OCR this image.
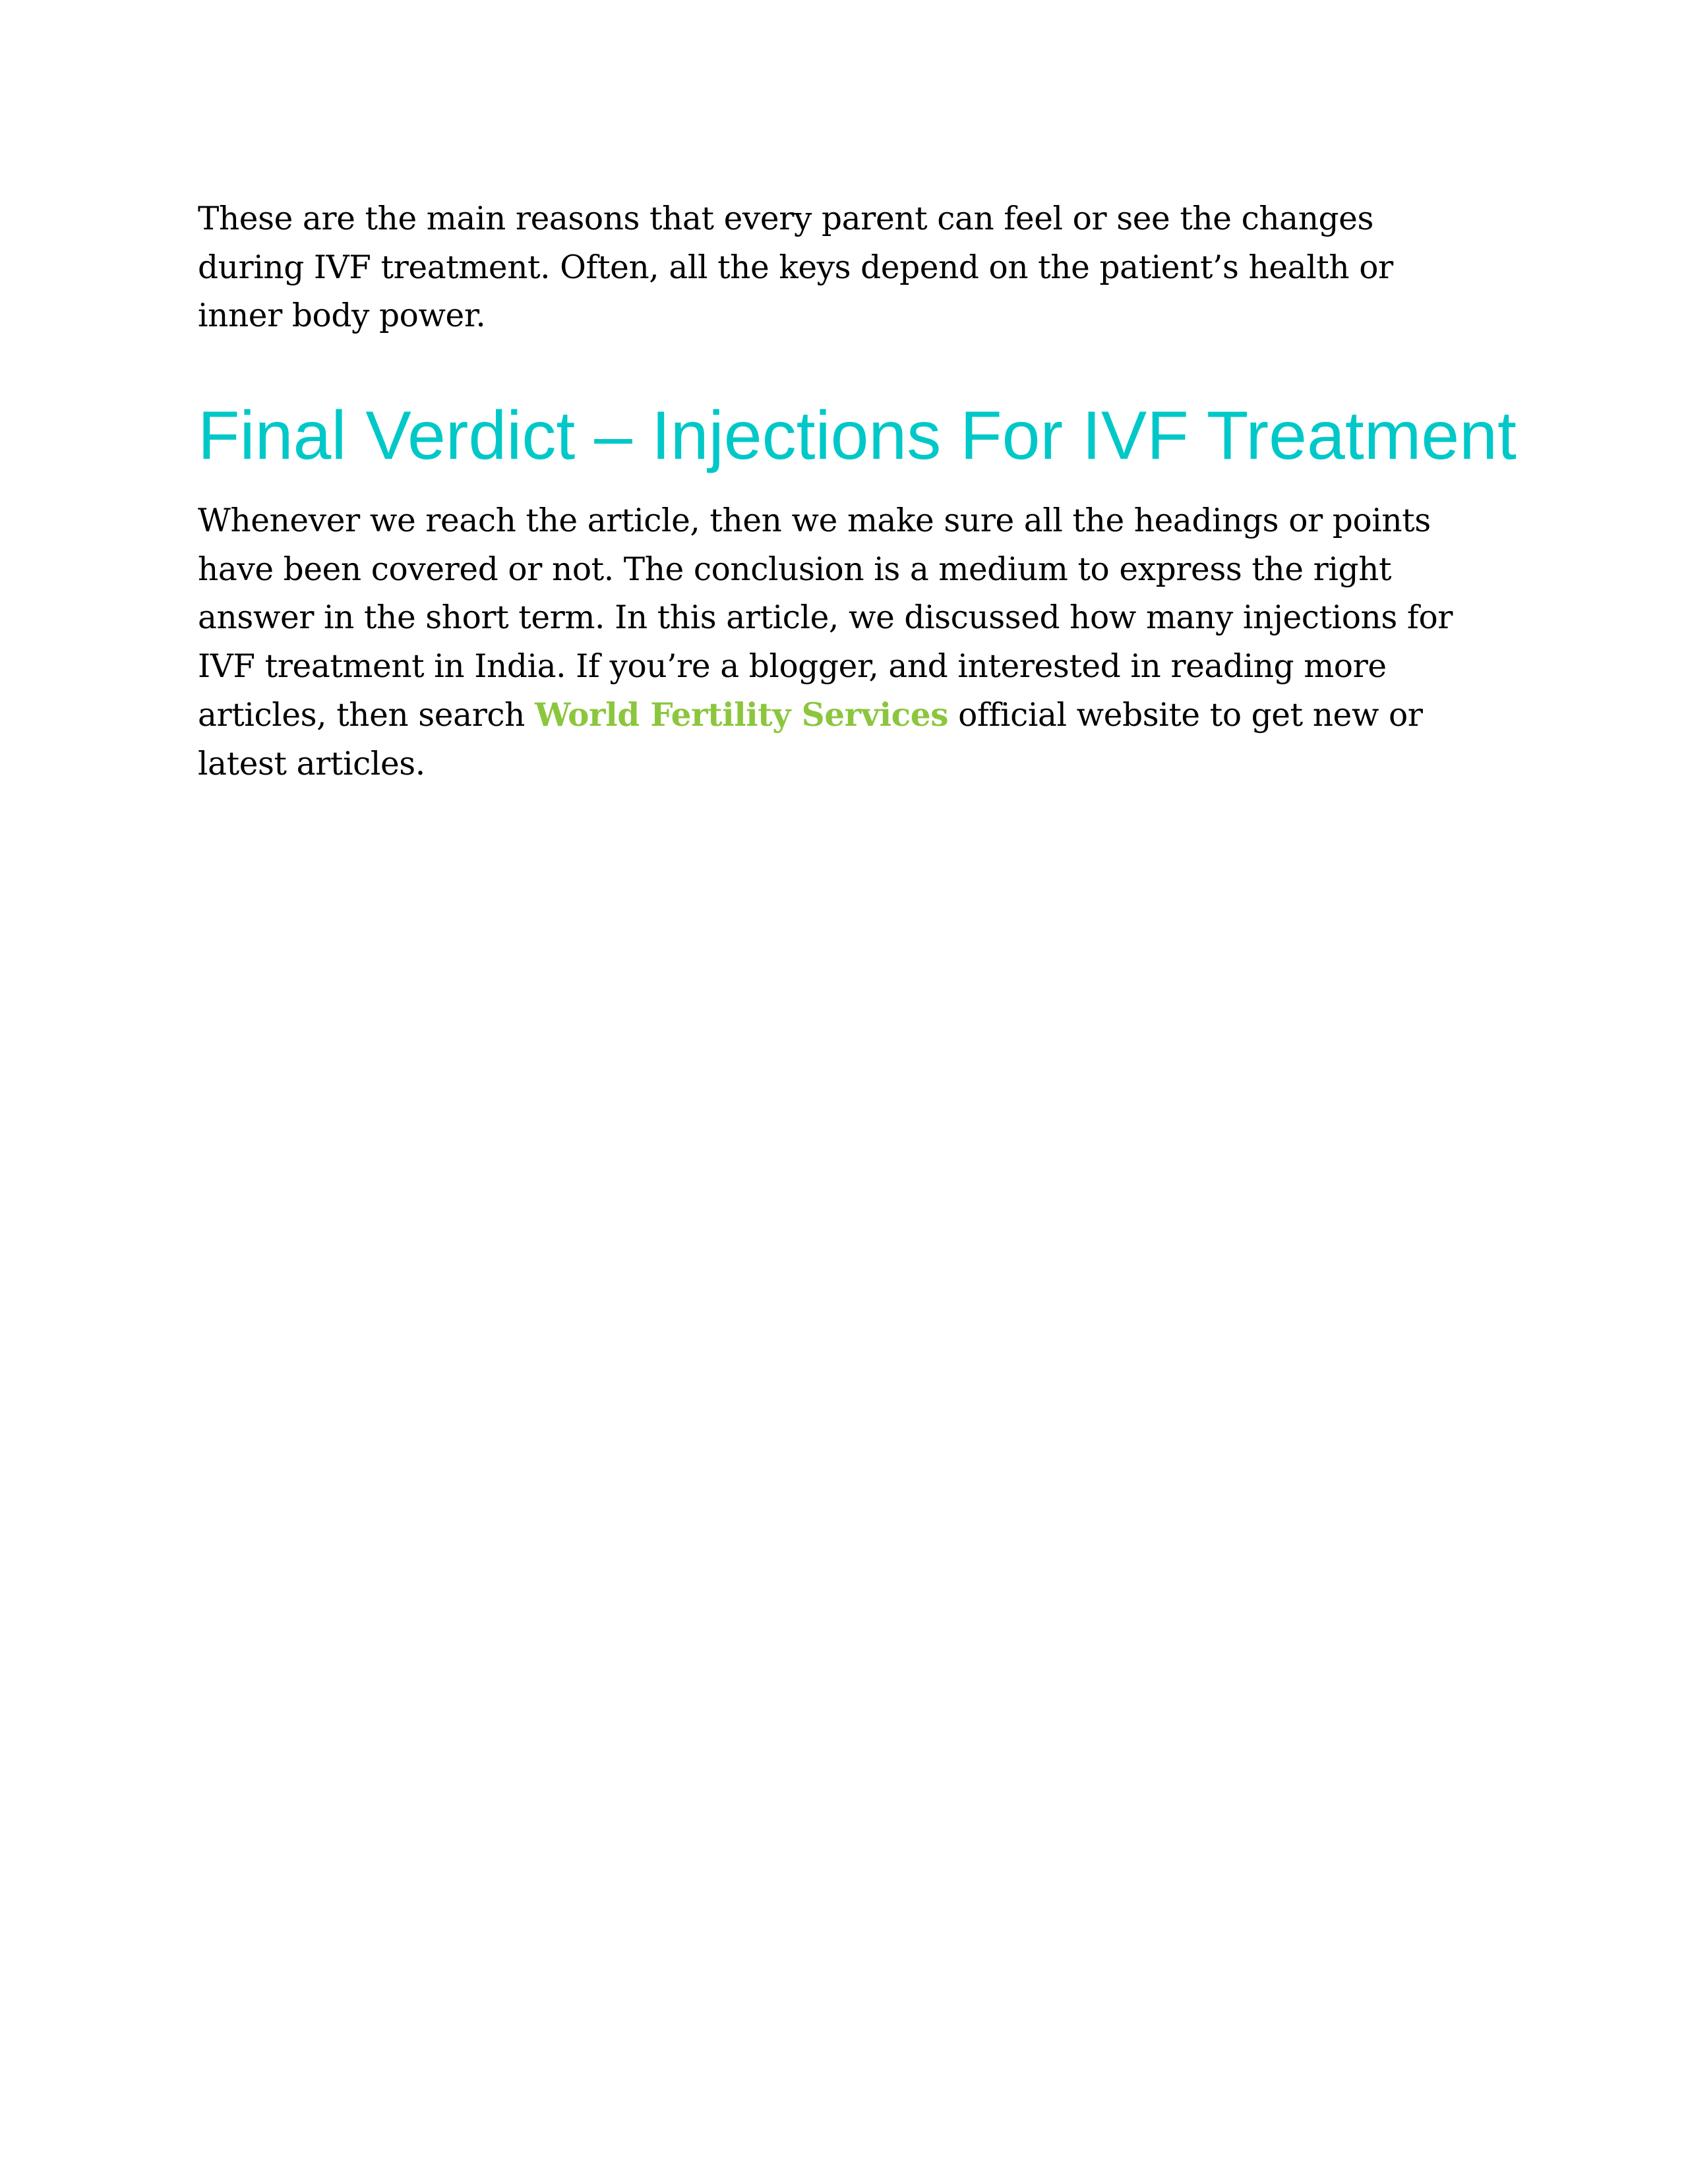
These are the main reasons that every parent can feel or see the changes
during IVF treatment. Often, all the keys depend on the patient’s health or
inner body power.

Final Verdict – Injections For IVF Treatment

Whenever we reach the article, then we make sure all the headings or points
have been covered or not. The conclusion is a medium to express the right
answer in the short term. In this article, we discussed how many injections for
IVF treatment in India. If you’re a blogger, and interested in reading more
articles, then search World Fertility Services official website to get new or
latest articles.
